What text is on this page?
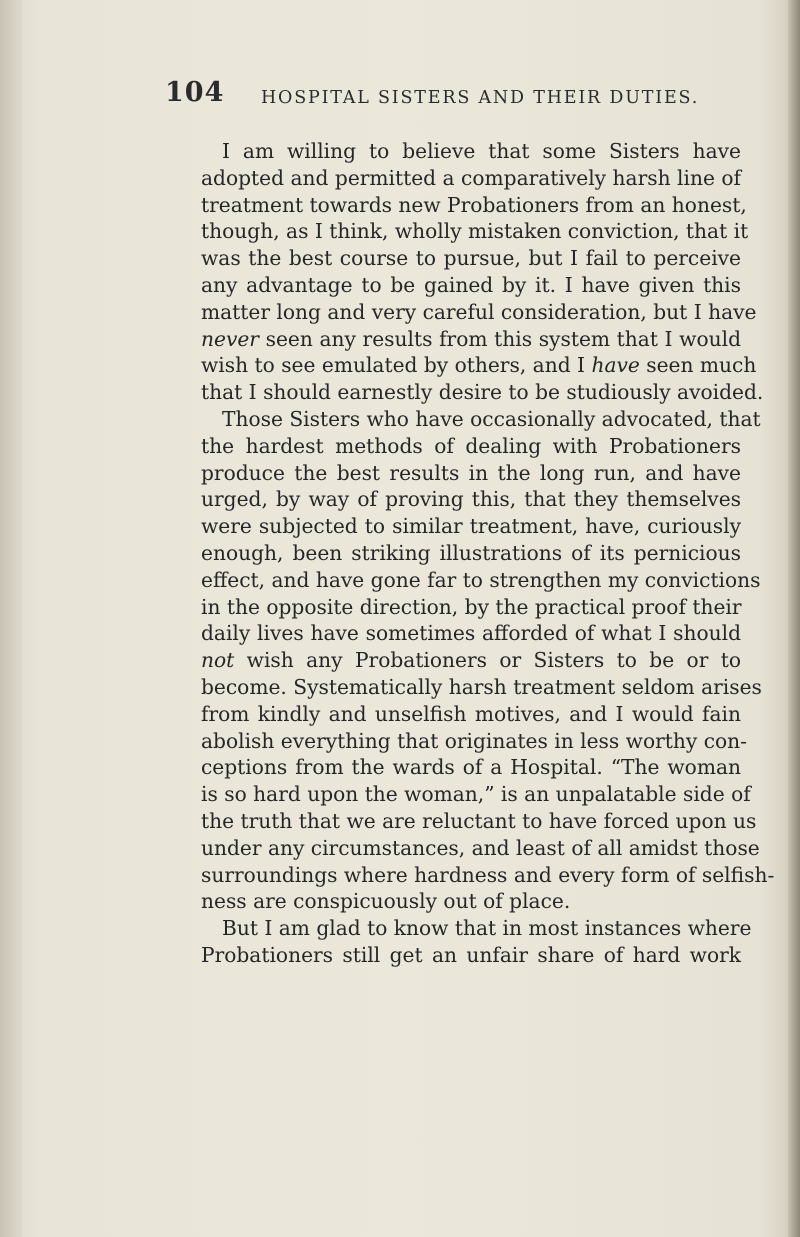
104 HOSPITAL SISTERS AND THEIR DUTIES.
I am willing to believe that some Sisters have
adopted and permitted a comparatively harsh line of
treatment towards new Probationers from an honest,
though, as I think, wholly mistaken conviction, that it
was the best course to pursue, but I fail to perceive
any advantage to be gained by it. I have given this
matter long and very careful consideration, but I have
never seen any results from this system that I would
wish to see emulated by others, and I have seen much
that I should earnestly desire to be studiously avoided.
Those Sisters who have occasionally advocated, that
the hardest methods of dealing with Probationers
produce the best results in the long run, and have
urged, by way of proving this, that they themselves
were subjected to similar treatment, have, curiously
enough, been striking illustrations of its pernicious
effect, and have gone far to strengthen my convictions
in the opposite direction, by the practical proof their
daily lives have sometimes afforded of what I should
not wish any Probationers or Sisters to be or to
become. Systematically harsh treatment seldom arises
from kindly and unselfish motives, and I would fain
abolish everything that originates in less worthy con-
ceptions from the wards of a Hospital. “The woman
is so hard upon the woman,” is an unpalatable side of
the truth that we are reluctant to have forced upon us
under any circumstances, and least of all amidst those
surroundings where hardness and every form of selfish-
ness are conspicuously out of place.
But I am glad to know that in most instances where
Probationers still get an unfair share of hard work
